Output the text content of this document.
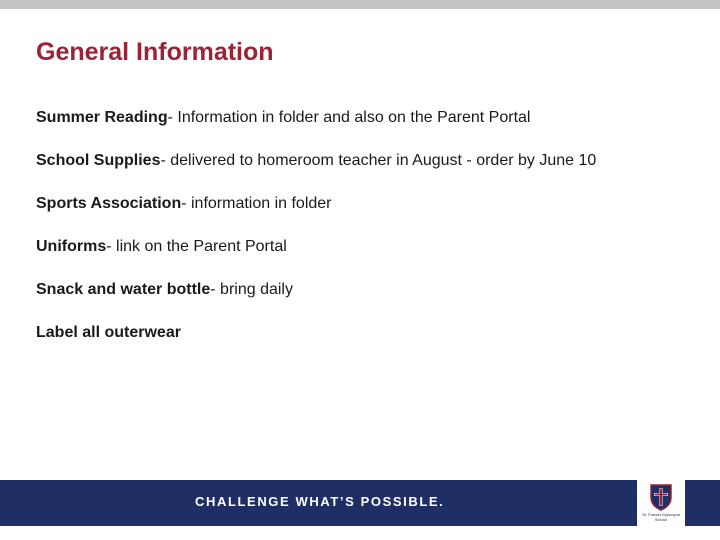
General Information
Summer Reading- Information in folder and also on the Parent Portal
School Supplies- delivered to homeroom teacher in August - order by June 10
Sports Association- information in folder
Uniforms- link on the Parent Portal
Snack and water bottle- bring daily
Label all outerwear
CHALLENGE WHAT’S POSSIBLE.
St. Francis Episcopal School
